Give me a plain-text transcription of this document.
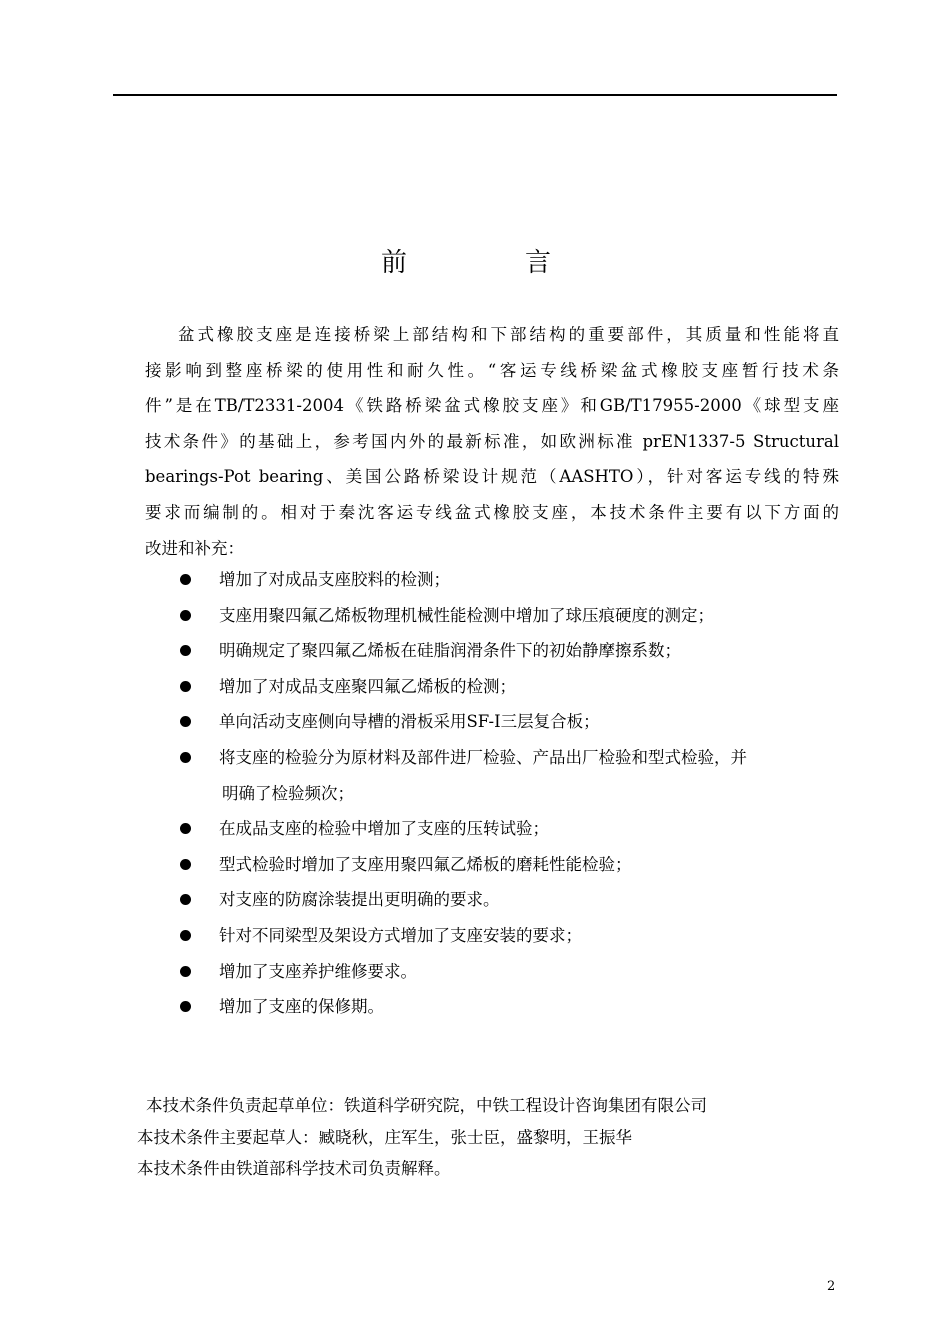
前　言
盆式橡胶支座是连接桥梁上部结构和下部结构的重要部件，其质量和性能将直
接影响到整座桥梁的使用性和耐久性。“客运专线桥梁盆式橡胶支座暂行技术条
件”是在TB/T2331-2004《铁路桥梁盆式橡胶支座》和GB/T17955-2000《球型支座
技术条件》的基础上，参考国内外的最新标准，如欧洲标准 prEN1337-5 Structural
bearings-Pot bearing、美国公路桥梁设计规范（AASHTO），针对客运专线的特殊
要求而编制的。相对于秦沈客运专线盆式橡胶支座，本技术条件主要有以下方面的
改进和补充：
增加了对成品支座胶料的检测；
支座用聚四氟乙烯板物理机械性能检测中增加了球压痕硬度的测定；
明确规定了聚四氟乙烯板在硅脂润滑条件下的初始静摩擦系数；
增加了对成品支座聚四氟乙烯板的检测；
单向活动支座侧向导槽的滑板采用SF-I三层复合板；
将支座的检验分为原材料及部件进厂检验、产品出厂检验和型式检验，并
明确了检验频次；
在成品支座的检验中增加了支座的压转试验；
型式检验时增加了支座用聚四氟乙烯板的磨耗性能检验；
对支座的防腐涂装提出更明确的要求。
针对不同梁型及架设方式增加了支座安装的要求；
增加了支座养护维修要求。
增加了支座的保修期。
本技术条件负责起草单位：铁道科学研究院，中铁工程设计咨询集团有限公司
本技术条件主要起草人：臧晓秋，庄军生，张士臣，盛黎明，王振华
本技术条件由铁道部科学技术司负责解释。
2
